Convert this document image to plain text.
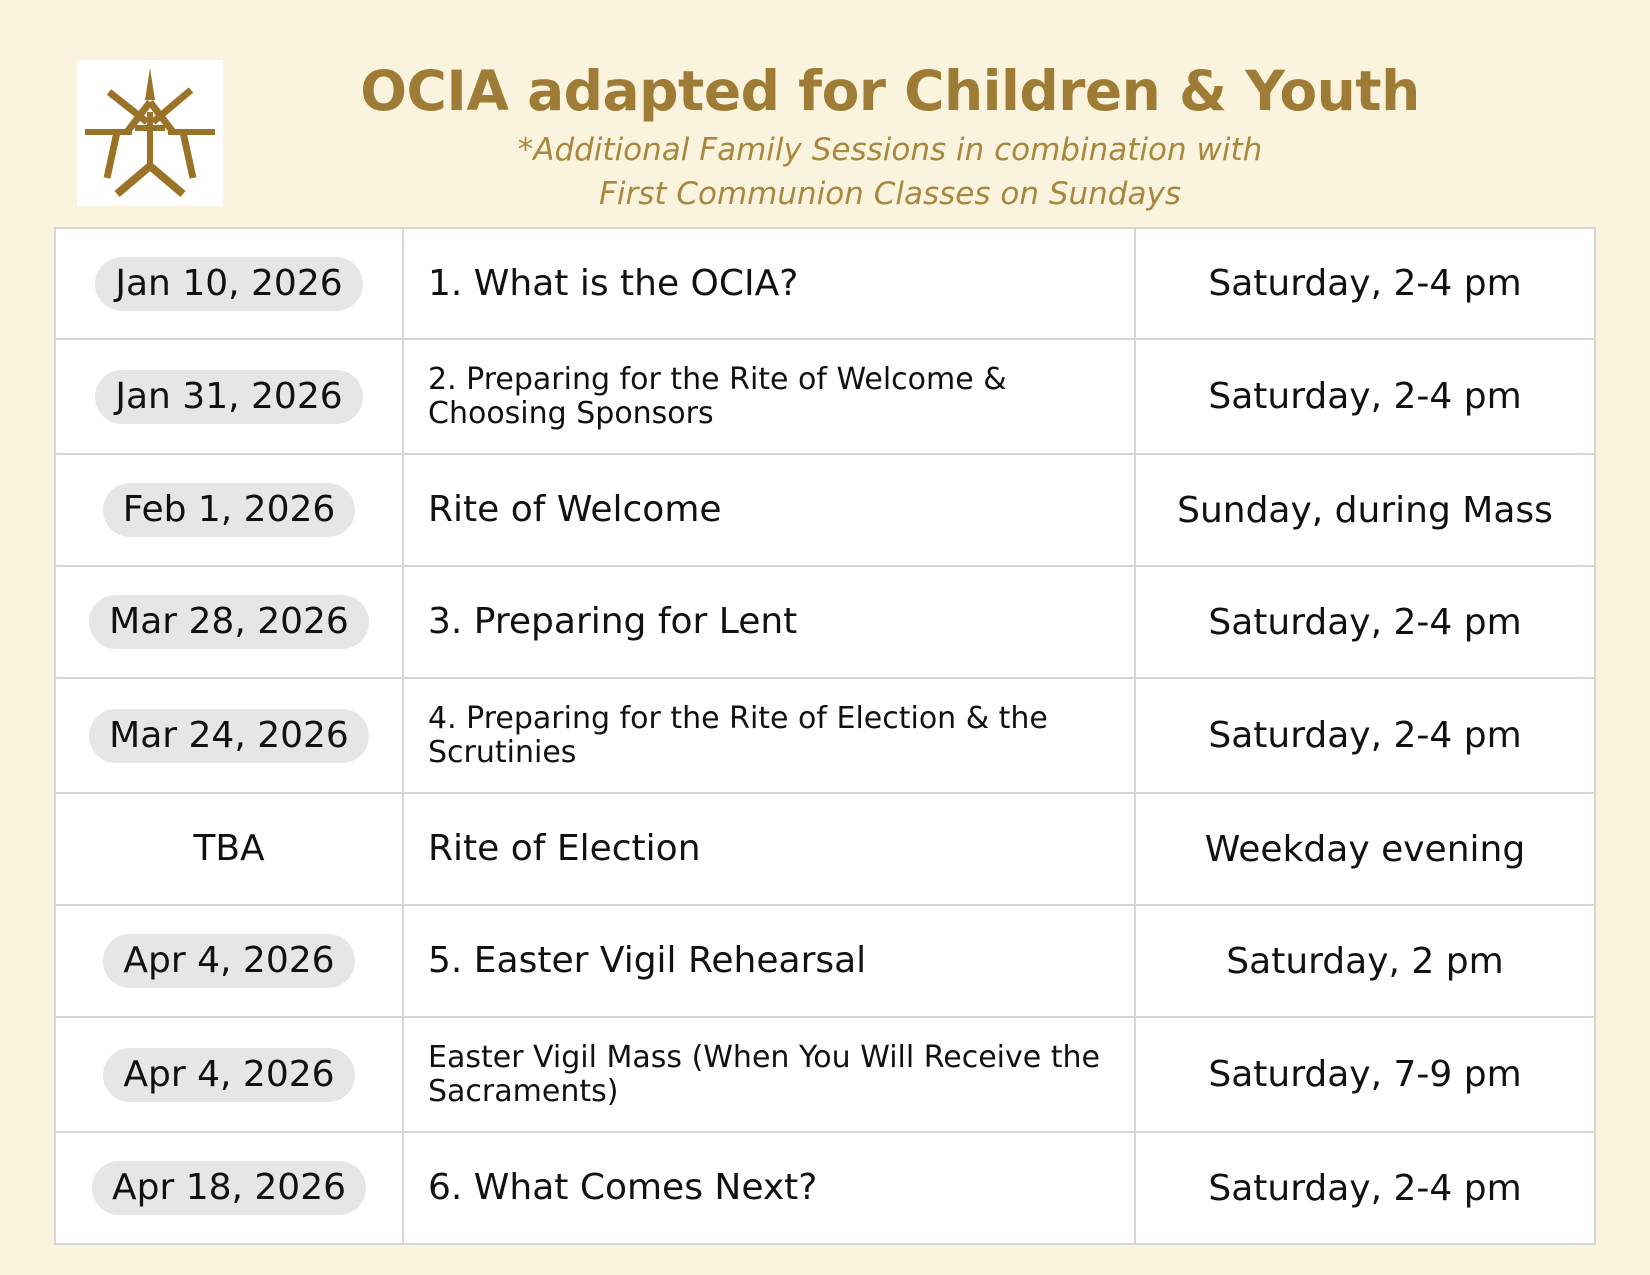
OCIA adapted for Children & Youth
*Additional Family Sessions in combination with
First Communion Classes on Sundays
Jan 10, 2026	1. What is the OCIA?	Saturday, 2-4 pm
Jan 31, 2026	2. Preparing for the Rite of Welcome & Choosing Sponsors	Saturday, 2-4 pm
Feb 1, 2026	Rite of Welcome	Sunday, during Mass
Mar 28, 2026	3. Preparing for Lent	Saturday, 2-4 pm
Mar 24, 2026	4. Preparing for the Rite of Election & the Scrutinies	Saturday, 2-4 pm
TBA	Rite of Election	Weekday evening
Apr 4, 2026	5. Easter Vigil Rehearsal	Saturday, 2 pm
Apr 4, 2026	Easter Vigil Mass (When You Will Receive the Sacraments)	Saturday, 7-9 pm
Apr 18, 2026	6. What Comes Next?	Saturday, 2-4 pm
